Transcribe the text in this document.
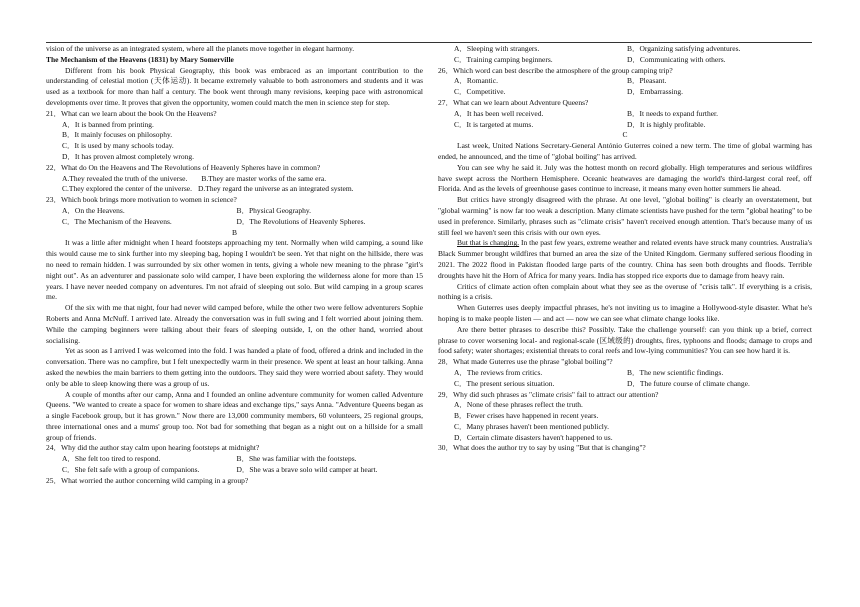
vision of the universe as an integrated system, where all the planets move together in elegant harmony.
The Mechanism of the Heavens (1831) by Mary Somerville
Different from his book Physical Geography, this book was embraced as an important contribution to the understanding of celestial motion (天体运动). It became extremely valuable to both astronomers and students and it was used as a textbook for more than half a century. The book went through many revisions, keeping pace with astronomical developments over time. It proves that given the opportunity, women could match the men in science step for step.
21．What can we learn about the book On the Heavens?
A．It is banned from printing.
B．It mainly focuses on philosophy.
C．It is used by many schools today.
D．It has proven almost completely wrong.
22．What do On the Heavens and The Revolutions of Heavenly Spheres have in common?
A.They revealed the truth of the universe.	B.They are master works of the same era.
C.They explored the center of the universe. D.They regard the universe as an integrated system.
23．Which book brings more motivation to women in science?
A．On the Heavens.	B．Physical Geography.
C．The Mechanism of the Heavens.	D．The Revolutions of Heavenly Spheres.
B
It was a little after midnight when I heard footsteps approaching my tent. Normally when wild camping, a sound like this would cause me to sink further into my sleeping bag, hoping I wouldn't be seen. Yet that night on the hillside, there was no need to remain hidden. I was surrounded by six other women in tents, giving a whole new meaning to the phrase "girl's night out". As an adventurer and passionate solo wild camper, I have been exploring the wilderness alone for more than 15 years. I have never needed company on adventures. I'm not afraid of sleeping out solo. But wild camping in a group scares me.
Of the six with me that night, four had never wild camped before, while the other two were fellow adventurers Sophie Roberts and Anna McNuff. I arrived late. Already the conversation was in full swing and I felt worried about joining them. While the camping beginners were talking about their fears of sleeping outside, I, on the other hand, worried about socialising.
Yet as soon as I arrived I was welcomed into the fold. I was handed a plate of food, offered a drink and included in the conversation. There was no campfire, but I felt unexpectedly warm in their presence. We spent at least an hour talking. Anna asked the newbies the main barriers to them getting into the outdoors. They said they were worried about safety. They would only be able to sleep knowing there was a group of us.
A couple of months after our camp, Anna and I founded an online adventure community for women called Adventure Queens. "We wanted to create a space for women to share ideas and exchange tips," says Anna. "Adventure Queens began as a single Facebook group, but it has grown." Now there are 13,000 community members, 60 volunteers, 25 regional groups, three international ones and a mums' group too. Not bad for something that began as a night out on a hillside for a small group of friends.
24．Why did the author stay calm upon hearing footsteps at midnight?
A．She felt too tired to respond.	B．She was familiar with the footsteps.
C．She felt safe with a group of companions.	D．She was a brave solo wild camper at heart.
25．What worried the author concerning wild camping in a group?
A．Sleeping with strangers.	B．Organizing satisfying adventures.
C．Training camping beginners.	D．Communicating with others.
26．Which word can best describe the atmosphere of the group camping trip?
A．Romantic.	B．Pleasant.
C．Competitive.	D．Embarrassing.
27．What can we learn about Adventure Queens?
A．It has been well received.	B．It needs to expand further.
C．It is targeted at mums.	D．It is highly profitable.
C
Last week, United Nations Secretary-General António Guterres coined a new term. The time of global warming has ended, he announced, and the time of "global boiling" has arrived.
You can see why he said it. July was the hottest month on record globally. High temperatures and serious wildfires have swept across the Northern Hemisphere. Oceanic heatwaves are damaging the world's third-largest coral reef, off Florida. And as the levels of greenhouse gases continue to increase, it means many even hotter summers lie ahead.
But critics have strongly disagreed with the phrase. At one level, "global boiling" is clearly an overstatement, but "global warming" is now far too weak a description. Many climate scientists have pushed for the term "global heating" to be used in preference. Similarly, phrases such as "climate crisis" haven't received enough attention. That's because many of us still feel we haven't seen this crisis with our own eyes.
But that is changing. In the past few years, extreme weather and related events have struck many countries. Australia's Black Summer brought wildfires that burned an area the size of the United Kingdom. Germany suffered serious flooding in 2021. The 2022 flood in Pakistan flooded large parts of the country. China has seen both droughts and floods. Terrible droughts have hit the Horn of Africa for many years. India has stopped rice exports due to damage from heavy rain.
Critics of climate action often complain about what they see as the overuse of "crisis talk". If everything is a crisis, nothing is a crisis.
When Guterres uses deeply impactful phrases, he's not inviting us to imagine a Hollywood-style disaster. What he's hoping is to make people listen — and act — now we can see what climate change looks like.
Are there better phrases to describe this? Possibly. Take the challenge yourself: can you think up a brief, correct phrase to cover worsening local- and regional-scale (区域级的) droughts, fires, typhoons and floods; damage to crops and food safety; water shortages; existential threats to coral reefs and low-lying communities? You can see how hard it is.
28．What made Guterres use the phrase "global boiling"?
A．The reviews from critics.	B．The new scientific findings.
C．The present serious situation.	D．The future course of climate change.
29．Why did such phrases as "climate crisis" fail to attract our attention?
A．None of these phrases reflect the truth.
B．Fewer crises have happened in recent years.
C．Many phrases haven't been mentioned publicly.
D．Certain climate disasters haven't happened to us.
30．What does the author try to say by using "But that is changing"?
